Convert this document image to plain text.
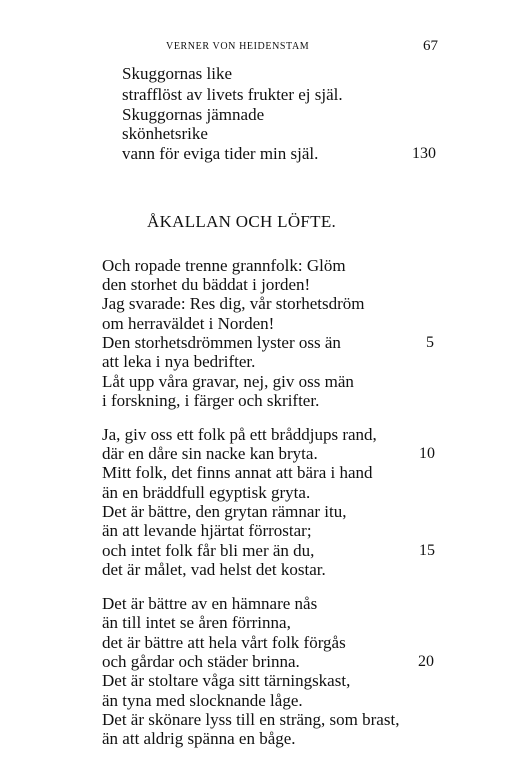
VERNER VON HEIDENSTAM	67
Skuggornas like
strafflöst av livets frukter ej själ.
Skuggornas jämnade
skönhetsrike
vann för eviga tider min själ.	130
ÅKALLAN OCH LÖFTE.
Och ropade trenne grannfolk: Glöm
den storhet du bäddat i jorden!
Jag svarade: Res dig, vår storhetsdröm
om herraväldet i Norden!
Den storhetsdrömmen lyster oss än	5
att leka i nya bedrifter.
Låt upp våra gravar, nej, giv oss män
i forskning, i färger och skrifter.
Ja, giv oss ett folk på ett bråddjups rand,
där en dåre sin nacke kan bryta.	10
Mitt folk, det finns annat att bära i hand
än en bräddfull egyptisk gryta.
Det är bättre, den grytan rämnar itu,
än att levande hjärtat förrostar;
och intet folk får bli mer än du,	15
det är målet, vad helst det kostar.
Det är bättre av en hämnare nås
än till intet se åren förrinna,
det är bättre att hela vårt folk förgås
och gårdar och städer brinna.	20
Det är stoltare våga sitt tärningskast,
än tyna med slocknande låge.
Det är skönare lyss till en sträng, som brast,
än att aldrig spänna en båge.
